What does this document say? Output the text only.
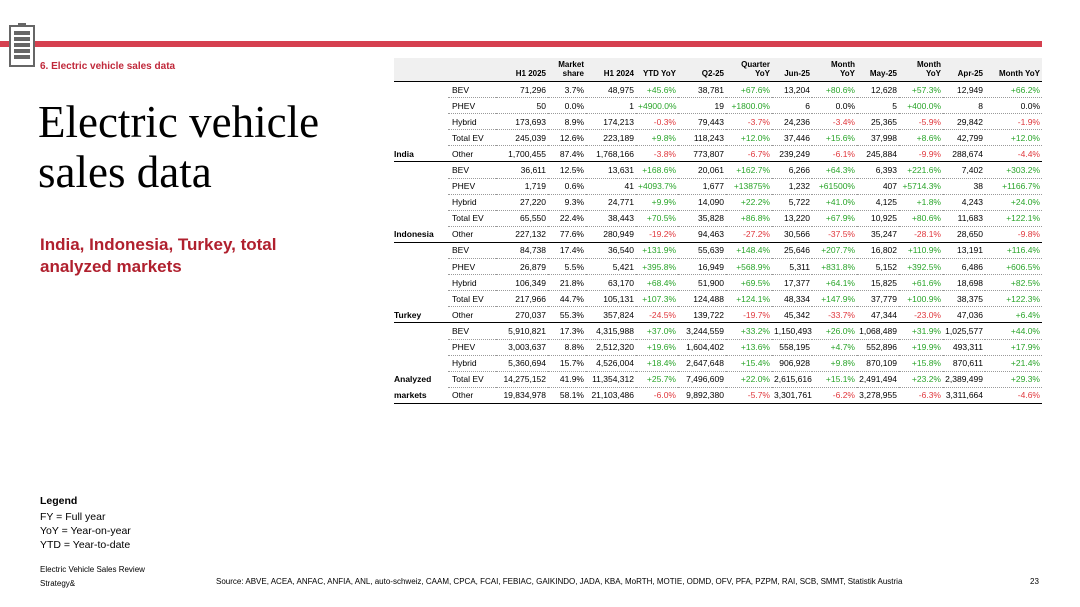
6. Electric vehicle sales data
Electric vehicle sales data
India, Indonesia, Turkey, total analyzed markets
		H1 2025	Market share	H1 2024	YTD YoY	Q2-25	Quarter YoY	Jun-25	Month YoY	May-25	Month YoY	Apr-25	Month YoY
	BEV	71,296	3.7%	48,975	+45.6%	38,781	+67.6%	13,204	+80.6%	12,628	+57.3%	12,949	+66.2%
	PHEV	50	0.0%	1	+4900.0%	19	+1800.0%	6	0.0%	5	+400.0%	8	0.0%
	Hybrid	173,693	8.9%	174,213	-0.3%	79,443	-3.7%	24,236	-3.4%	25,365	-5.9%	29,842	-1.9%
	Total EV	245,039	12.6%	223,189	+9.8%	118,243	+12.0%	37,446	+15.6%	37,998	+8.6%	42,799	+12.0%
India	Other	1,700,455	87.4%	1,768,166	-3.8%	773,807	-6.7%	239,249	-6.1%	245,884	-9.9%	288,674	-4.4%
	BEV	36,611	12.5%	13,631	+168.6%	20,061	+162.7%	6,266	+64.3%	6,393	+221.6%	7,402	+303.2%
	PHEV	1,719	0.6%	41	+4093.7%	1,677	+13875%	1,232	+61500%	407	+5714.3%	38	+1166.7%
	Hybrid	27,220	9.3%	24,771	+9.9%	14,090	+22.2%	5,722	+41.0%	4,125	+1.8%	4,243	+24.0%
	Total EV	65,550	22.4%	38,443	+70.5%	35,828	+86.8%	13,220	+67.9%	10,925	+80.6%	11,683	+122.1%
Indonesia	Other	227,132	77.6%	280,949	-19.2%	94,463	-27.2%	30,566	-37.5%	35,247	-28.1%	28,650	-9.8%
	BEV	84,738	17.4%	36,540	+131.9%	55,639	+148.4%	25,646	+207.7%	16,802	+110.9%	13,191	+116.4%
	PHEV	26,879	5.5%	5,421	+395.8%	16,949	+568.9%	5,311	+831.8%	5,152	+392.5%	6,486	+606.5%
	Hybrid	106,349	21.8%	63,170	+68.4%	51,900	+69.5%	17,377	+64.1%	15,825	+61.6%	18,698	+82.5%
	Total EV	217,966	44.7%	105,131	+107.3%	124,488	+124.1%	48,334	+147.9%	37,779	+100.9%	38,375	+122.3%
Turkey	Other	270,037	55.3%	357,824	-24.5%	139,722	-19.7%	45,342	-33.7%	47,344	-23.0%	47,036	+6.4%
	BEV	5,910,821	17.3%	4,315,988	+37.0%	3,244,559	+33.2%	1,150,493	+26.0%	1,068,489	+31.9%	1,025,577	+44.0%
	PHEV	3,003,637	8.8%	2,512,320	+19.6%	1,604,402	+13.6%	558,195	+4.7%	552,896	+19.9%	493,311	+17.9%
	Hybrid	5,360,694	15.7%	4,526,004	+18.4%	2,647,648	+15.4%	906,928	+9.8%	870,109	+15.8%	870,611	+21.4%
Analyzed	Total EV	14,275,152	41.9%	11,354,312	+25.7%	7,496,609	+22.0%	2,615,616	+15.1%	2,491,494	+23.2%	2,389,499	+29.3%
markets	Other	19,834,978	58.1%	21,103,486	-6.0%	9,892,380	-5.7%	3,301,761	-6.2%	3,278,955	-6.3%	3,311,664	-4.6%
Legend
FY = Full year
YoY = Year-on-year
YTD = Year-to-date
Electric Vehicle Sales Review
Strategy&	Source: ABVE, ACEA, ANFAC, ANFIA, ANL, auto-schweiz, CAAM, CPCA, FCAI, FEBIAC, GAIKINDO, JADA, KBA, MoRTH, MOTIE, ODMD, OFV, PFA, PZPM, RAI, SCB, SMMT, Statistik Austria	23
